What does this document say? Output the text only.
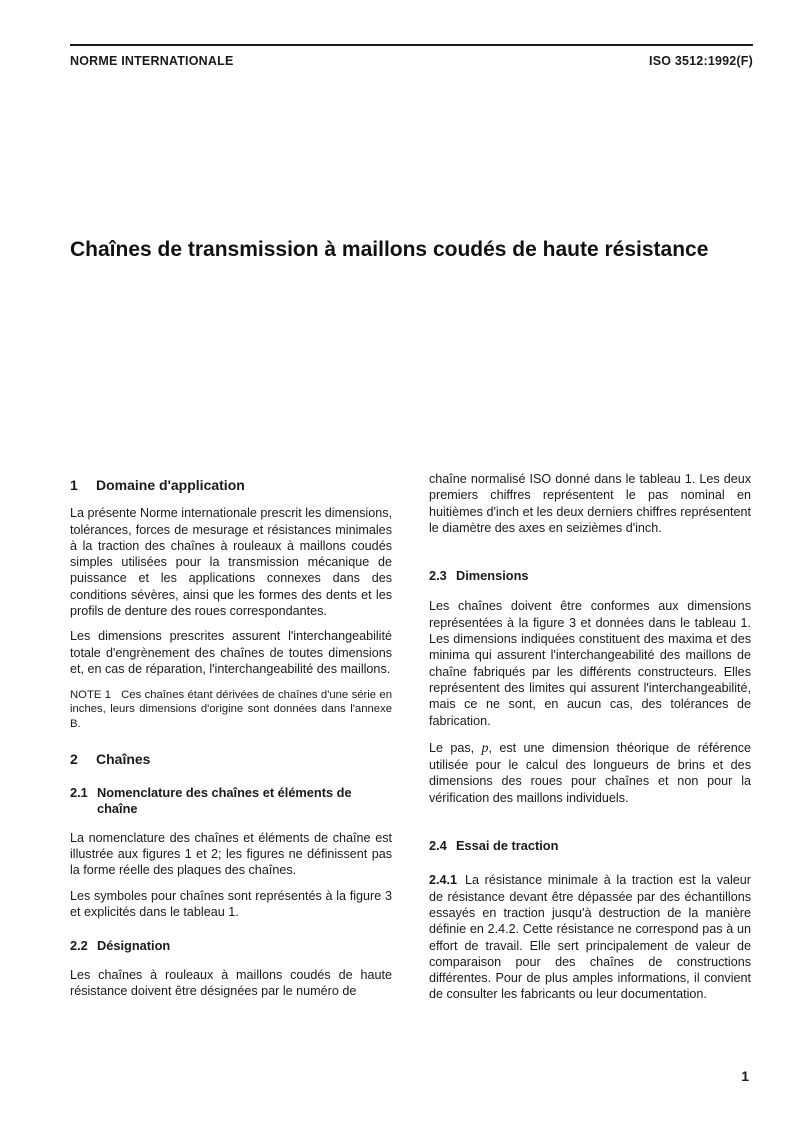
NORME INTERNATIONALE	ISO 3512:1992(F)
Chaînes de transmission à maillons coudés de haute résistance
1	Domaine d'application

La présente Norme internationale prescrit les dimensions, tolérances, forces de mesurage et résistances minimales à la traction des chaînes à rouleaux à maillons coudés simples utilisées pour la transmission mécanique de puissance et les applications connexes dans des conditions sévères, ainsi que les formes des dents et les profils de denture des roues correspondantes.

Les dimensions prescrites assurent l'interchangeabilité totale d'engrènement des chaînes de toutes dimensions et, en cas de réparation, l'interchangeabilité des maillons.

NOTE 1   Ces chaînes étant dérivées de chaînes d'une série en inches, leurs dimensions d'origine sont données dans l'annexe B.

2	Chaînes
2.1 Nomenclature des chaînes et éléments de chaîne

La nomenclature des chaînes et éléments de chaîne est illustrée aux figures 1 et 2; les figures ne définissent pas la forme réelle des plaques des chaînes.

Les symboles pour chaînes sont représentés à la figure 3 et explicités dans le tableau 1.

2.2 Désignation

Les chaînes à rouleaux à maillons coudés de haute résistance doivent être désignées par le numéro de

chaîne normalisé ISO donné dans le tableau 1. Les deux premiers chiffres représentent le pas nominal en huitièmes d'inch et les deux derniers chiffres représentent le diamètre des axes en seizièmes d'inch.

2.3 Dimensions

Les chaînes doivent être conformes aux dimensions représentées à la figure 3 et données dans le tableau 1. Les dimensions indiquées constituent des maxima et des minima qui assurent l'interchangeabilité des maillons de chaîne fabriqués par les différents constructeurs. Elles représentent des limites qui assurent l'interchangeabilité, mais ce ne sont, en aucun cas, des tolérances de fabrication.

Le pas, p, est une dimension théorique de référence utilisée pour le calcul des longueurs de brins et des dimensions des roues pour chaînes et non pour la vérification des maillons individuels.

2.4 Essai de traction

2.4.1 La résistance minimale à la traction est la valeur de résistance devant être dépassée par des échantillons essayés en traction jusqu'à destruction de la manière définie en 2.4.2. Cette résistance ne correspond pas à un effort de travail. Elle sert principalement de valeur de comparaison pour des chaînes de constructions différentes. Pour de plus amples informations, il convient de consulter les fabricants ou leur documentation.

1
